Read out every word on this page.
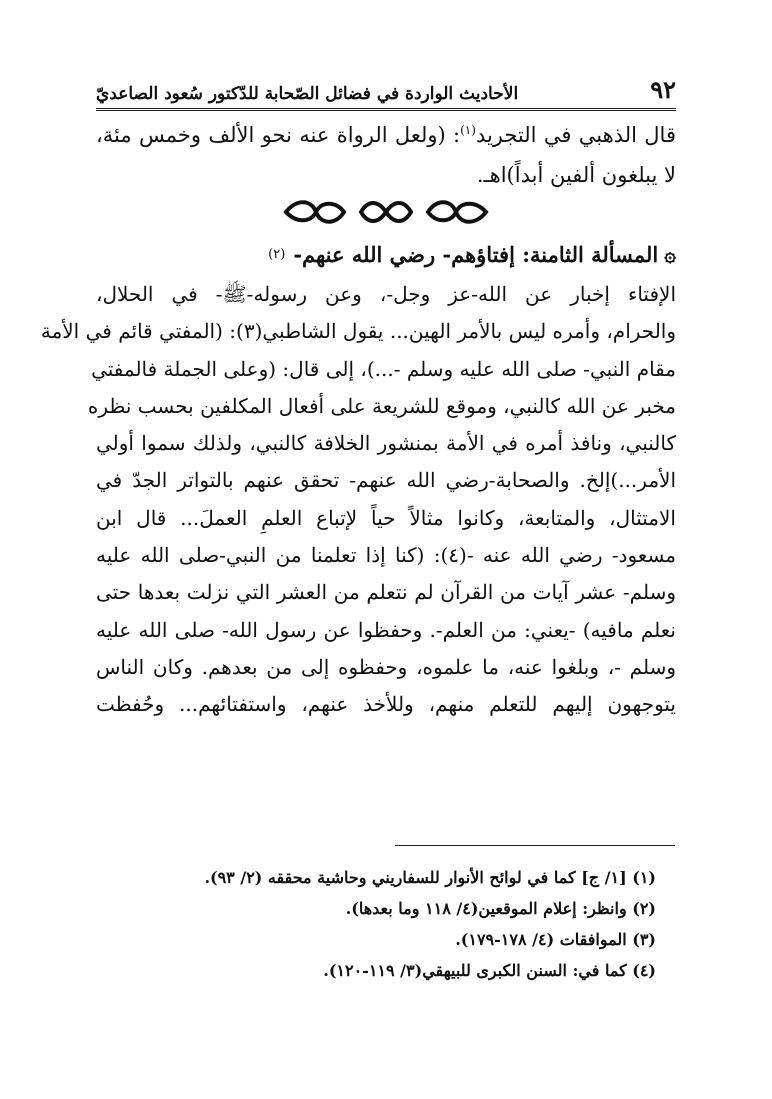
٩٢
الأحاديث الواردة في فضائل الصّحابة للدّكتور سُعود الصاعديّ

قال الذهبي في التجريد$^{(١)}$: (ولعل الرواة عنه نحو الألف وخمس مئة،

لا يبلغون ألفين أبداً)اهـ.

۞
المسألة الثامنة: إفتاؤهم- رضي الله عنهم-
(٢)
الإفتاء إخبار عن الله-عز وجل-، وعن رسوله-ﷺ- في الحلال،
والحرام، وأمره ليس بالأمر الهين... يقول الشاطبي(٣): (المفتي قائم في الأمة
مقام النبي- صلى الله عليه وسلم -...)، إلى قال: (وعلى الجملة فالمفتي
مخبر عن الله كالنبي، وموقع للشريعة على أفعال المكلفين بحسب نظره
كالنبي، ونافذ أمره في الأمة بمنشور الخلافة كالنبي، ولذلك سموا أولي
الأمر...)إلخ. والصحابة-رضي الله عنهم- تحقق عنهم بالتواتر الجدّ في
الامتثال، والمتابعة، وكانوا مثالاً حياً لإتباع العلمِ العملَ... قال ابن
مسعود- رضي الله عنه -(٤): (كنا إذا تعلمنا من النبي-صلى الله عليه
وسلم- عشر آيات من القرآن لم نتعلم من العشر التي نزلت بعدها حتى
نعلم مافيه) -يعني: من العلم-. وحفظوا عن رسول الله- صلى الله عليه
وسلم -، وبلغوا عنه، ما علموه، وحفظوه إلى من بعدهم. وكان الناس
يتوجهون إليهم للتعلم منهم، وللأخذ عنهم، واستفتائهم... وحُفظت
(١) [١/ ج] كما في لوائح الأنوار للسفاريني وحاشية محققه (٢/ ٩٣).
(٢) وانظر: إعلام الموقعين(٤/ ١١٨ وما بعدها).
(٣) الموافقات (٤/ ١٧٨-١٧٩).
(٤) كما في: السنن الكبرى للبيهقي(٣/ ١١٩-١٢٠).
